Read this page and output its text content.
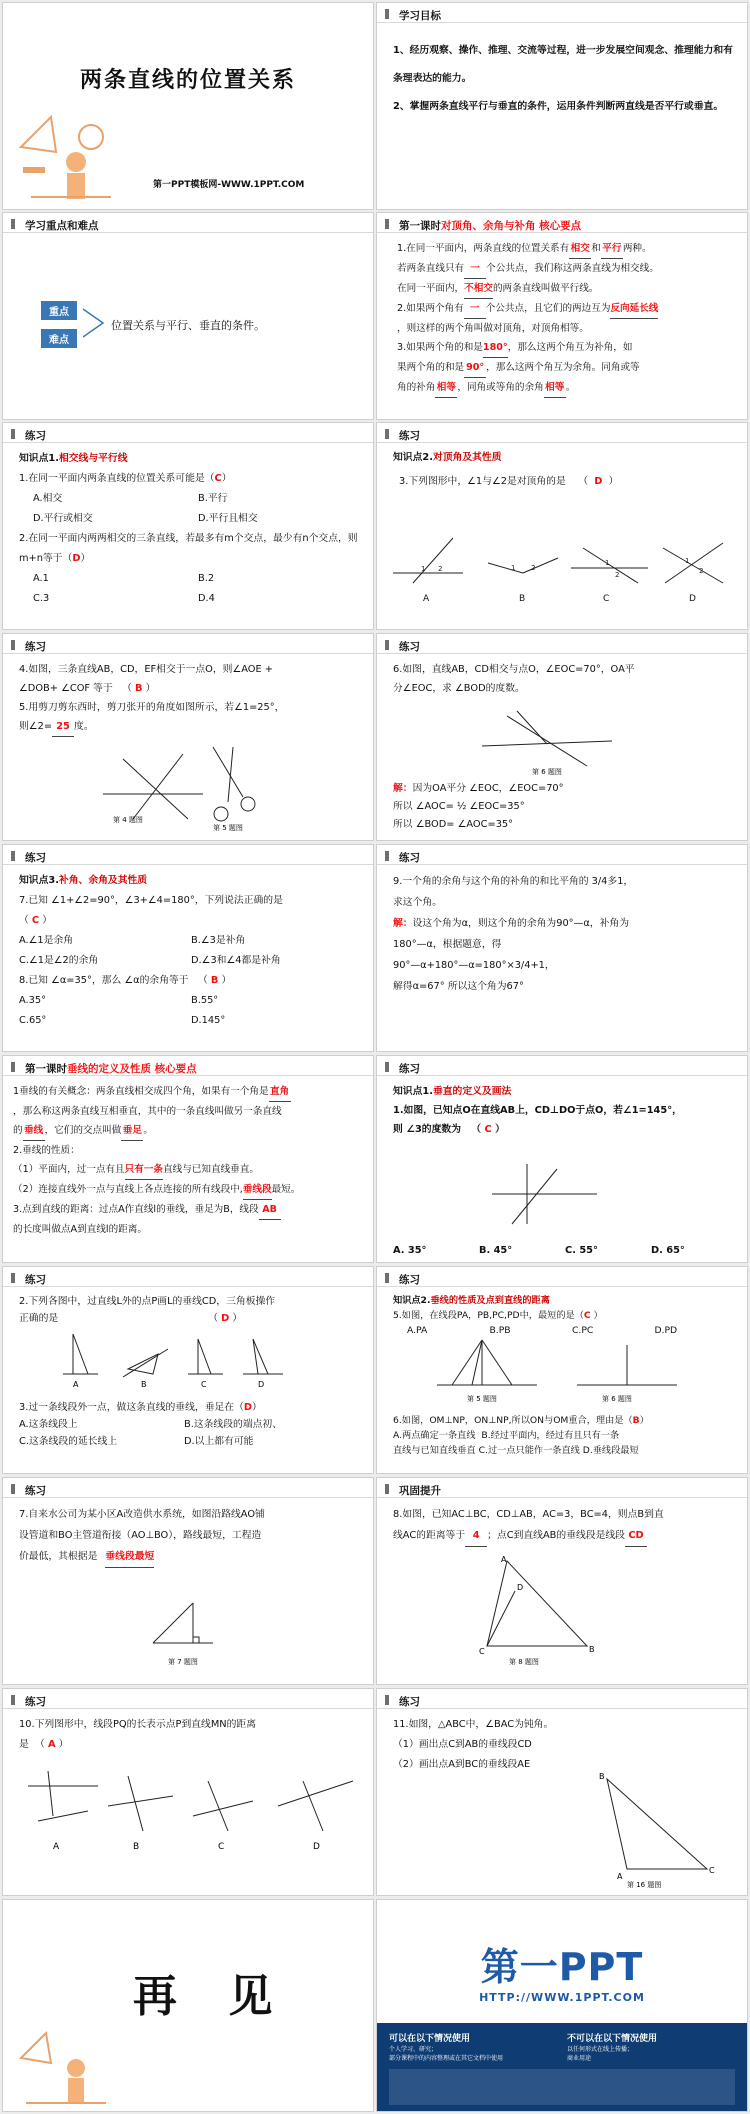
两条直线的位置关系
第一PPT模板网-WWW.1PPT.COM
学习目标
1、经历观察、操作、推理、交流等过程，进一步发展空间观念、推理能力和有条理表达的能力。
2、掌握两条直线平行与垂直的条件，运用条件判断两直线是否平行或垂直。
学习重点和难点
重点
难点
位置关系与平行、垂直的条件。
第一课时对顶角、余角与补角 核心要点
1.在同一平面内，两条直线的位置关系有相交和平行两种。
若两条直线只有 一 个公共点，我们称这两条直线为相交线。
在同一平面内，不相交的两条直线叫做平行线。
2.如果两个角有 一 个公共点，且它们的两边互为反向延长线
，则这样的两个角叫做对顶角，对顶角相等。
3.如果两个角的和是180°，那么这两个角互为补角，如
果两个角的和是 90° ，那么这两个角互为余角。同角或等
角的补角相等，同角或等角的余角相等。
练习
知识点1.相交线与平行线
1.在同一平面内两条直线的位置关系可能是（C）
A.相交	B.平行
D.平行或相交	D.平行且相交
2.在同一平面内两两相交的三条直线，若最多有m个交点，最少有n个交点，则m+n等于（D）
A.1	B.2
C.3	D.4
练习
知识点2.对顶角及其性质
3.下列图形中，∠1与∠2是对顶角的是    （  D  ）
1 2	1 2
1
2
1
2
A	B	C	D
练习
4.如图，三条直线AB，CD，EF相交于一点O，则∠AOE +
∠DOB+ ∠COF 等于   （ B ）
5.用剪刀剪东西时，剪刀张开的角度如图所示，若∠1=25°，
则∠2= 25 度。
第 4 题图
第 5 题图
练习
6.如图，直线AB，CD相交与点O，∠EOC=70°，OA平
分∠EOC，求 ∠BOD的度数。
第 6 题图
解：因为OA平分 ∠EOC，∠EOC=70°
所以 ∠AOC= ½ ∠EOC=35°
所以 ∠BOD= ∠AOC=35°
练习
知识点3.补角、余角及其性质
7.已知 ∠1+∠2=90°，∠3+∠4=180°，下列说法正确的是
（ C ）
A.∠1是余角	B.∠3是补角
C.∠1是∠2的余角	D.∠3和∠4都是补角
8.已知 ∠α=35°，那么 ∠α的余角等于   （ B ）
A.35°	B.55°
C.65°	D.145°
练习
9.一个角的余角与这个角的补角的和比平角的 3/4多1，
求这个角。
解：设这个角为α，则这个角的余角为90°—α，补角为
180°—α，根据题意，得
90°—α+180°—α=180°×3/4+1，
解得α=67° 所以这个角为67°
第一课时垂线的定义及性质 核心要点
1垂线的有关概念：两条直线相交成四个角，如果有一个角是直角
，那么称这两条直线互相垂直，其中的一条直线叫做另一条直线
的垂线，它们的交点叫做垂足。
2.垂线的性质：
（1）平面内，过一点有且只有一条直线与已知直线垂直。
（2）连接直线外一点与直线上各点连接的所有线段中,垂线段最短。
3.点到直线的距离：过点A作直线l的垂线，垂足为B，线段 AB
的长度叫做点A到直线l的距离。
练习
知识点1.垂直的定义及画法
1.如图，已知点O在直线AB上，CD⊥DO于点O，若∠1=145°，
则 ∠3的度数为   （ C ）
A. 35°	B. 45°	C. 55°	D. 65°
练习
2.下列各图中，过直线L外的点P画L的垂线CD，三角板操作
正确的是	（ D ）
A	B	C	D
3.过一条线段外一点，做这条直线的垂线，垂足在（D）
A.这条线段上	B.这条线段的端点初、
C.这条线段的延长线上	D.以上都有可能
练习
知识点2.垂线的性质及点到直线的距离
5.如图，在线段PA，PB,PC,PD中，最短的是（C ）
A.PA	B.PB	C.PC	D.PD
第 5 题图	第 6 题图
6.如图，OM⊥NP，ON⊥NP,所以ON与OM重合，理由是（B）
A.两点确定一条直线 B.经过平面内，经过有且只有一条
直线与已知直线垂直 C.过一点只能作一条直线 D.垂线段最短
练习
7.自来水公司为某小区A改造供水系统，如图沿路线AO铺
设管道和BO主管道衔接（AO⊥BO），路线最短，工程造
价最低，其根据是 垂线段最短
第 7 题图
巩固提升
8.如图，已知AC⊥BC，CD⊥AB，AC=3，BC=4，则点B到直
线AC的距离等于 4 ；点C到直线AB的垂线段是线段 CD
A
D
C	B
第 8 题图
练习
10.下列图形中，线段PQ的长表示点P到直线MN的距离
是  （ A ）
A	B	C	D
练习
11.如图，△ABC中，∠BAC为钝角。
（1）画出点C到AB的垂线段CD
（2）画出点A到BC的垂线段AE
B
A
C
第 16 题图
再 见
第一PPT
HTTP://WWW.1PPT.COM
可以在以下情况使用
个人学习、研究；
部分课程中的内容整理或在其它文档中使用
不可以在以下情况使用
以任何形式在线上传播；
商业用途
